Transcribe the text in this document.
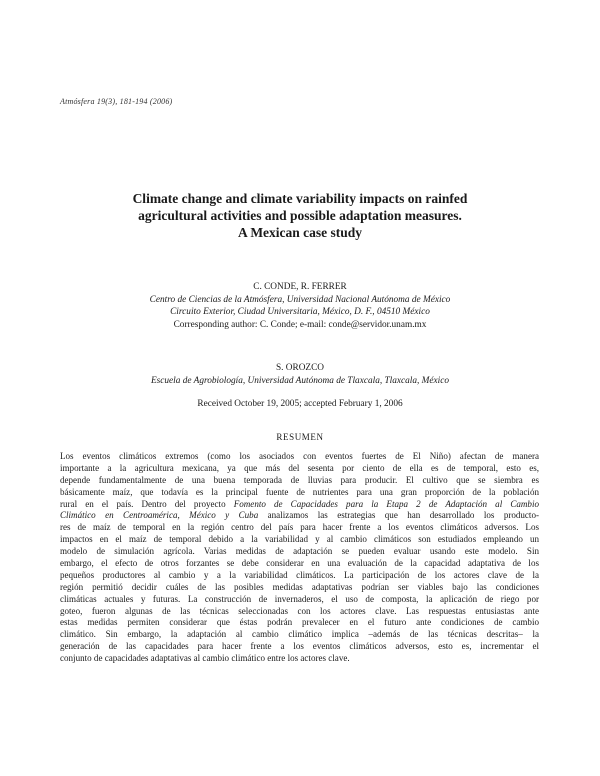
Atmósfera 19(3), 181-194 (2006)
Climate change and climate variability impacts on rainfed
agricultural activities and possible adaptation measures.
A Mexican case study
C. CONDE, R. FERRER
Centro de Ciencias de la Atmósfera, Universidad Nacional Autónoma de México
Circuito Exterior, Ciudad Universitaria, México, D. F., 04510 México
Corresponding author: C. Conde; e-mail: conde@servidor.unam.mx
S. OROZCO
Escuela de Agrobiología, Universidad Autónoma de Tlaxcala, Tlaxcala, México
Received October 19, 2005; accepted February 1, 2006
RESUMEN
Los eventos climáticos extremos (como los asociados con eventos fuertes de El Niño) afectan de manera
importante a la agricultura mexicana, ya que más del sesenta por ciento de ella es de temporal, esto es,
depende fundamentalmente de una buena temporada de lluvias para producir. El cultivo que se siembra es
básicamente maíz, que todavía es la principal fuente de nutrientes para una gran proporción de la población
rural en el país. Dentro del proyecto Fomento de Capacidades para la Etapa 2 de Adaptación al Cambio
Climático en Centroamérica, México y Cuba analizamos las estrategias que han desarrollado los producto-
res de maíz de temporal en la región centro del país para hacer frente a los eventos climáticos adversos. Los
impactos en el maíz de temporal debido a la variabilidad y al cambio climáticos son estudiados empleando un
modelo de simulación agrícola. Varias medidas de adaptación se pueden evaluar usando este modelo. Sin
embargo, el efecto de otros forzantes se debe considerar en una evaluación de la capacidad adaptativa de los
pequeños productores al cambio y a la variabilidad climáticos. La participación de los actores clave de la
región permitió decidir cuáles de las posibles medidas adaptativas podrían ser viables bajo las condiciones
climáticas actuales y futuras. La construcción de invernaderos, el uso de composta, la aplicación de riego por
goteo, fueron algunas de las técnicas seleccionadas con los actores clave. Las respuestas entusiastas ante
estas medidas permiten considerar que éstas podrán prevalecer en el futuro ante condiciones de cambio
climático. Sin embargo, la adaptación al cambio climático implica –además de las técnicas descritas– la
generación de las capacidades para hacer frente a los eventos climáticos adversos, esto es, incrementar el
conjunto de capacidades adaptativas al cambio climático entre los actores clave.
